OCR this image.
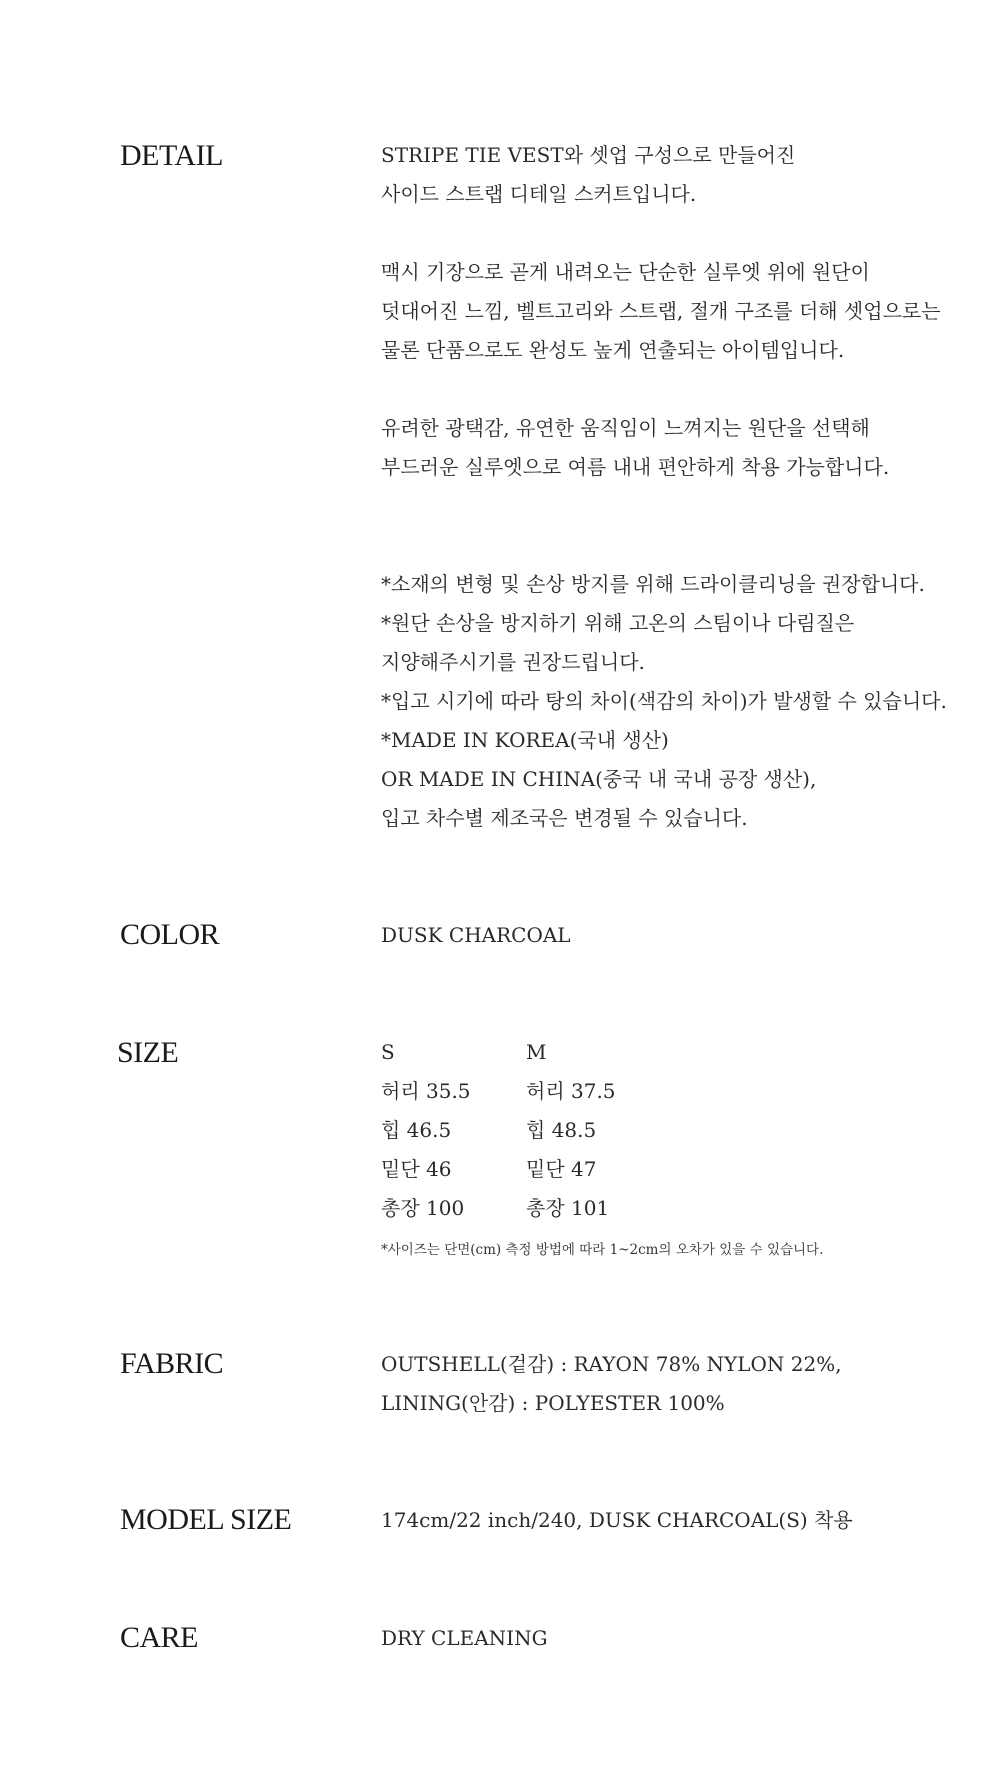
DETAIL	STRIPE TIE VEST와 셋업 구성으로 만들어진
사이드 스트랩 디테일 스커트입니다.
맥시 기장으로 곧게 내려오는 단순한 실루엣 위에 원단이
덧대어진 느낌, 벨트고리와 스트랩, 절개 구조를 더해 셋업으로는
물론 단품으로도 완성도 높게 연출되는 아이템입니다.
유려한 광택감, 유연한 움직임이 느껴지는 원단을 선택해
부드러운 실루엣으로 여름 내내 편안하게 착용 가능합니다.
*소재의 변형 및 손상 방지를 위해 드라이클리닝을 권장합니다.
*원단 손상을 방지하기 위해 고온의 스팀이나 다림질은
지양해주시기를 권장드립니다.
*입고 시기에 따라 탕의 차이(색감의 차이)가 발생할 수 있습니다.
*MADE IN KOREA(국내 생산)
OR MADE IN CHINA(중국 내 국내 공장 생산),
입고 차수별 제조국은 변경될 수 있습니다.
COLOR	DUSK CHARCOAL
SIZE	S	M
허리 35.5	허리 37.5
힙 46.5	힙 48.5
밑단 46	밑단 47
총장 100	총장 101
*사이즈는 단면(cm) 측정 방법에 따라 1~2cm의 오차가 있을 수 있습니다.
FABRIC	OUTSHELL(겉감) : RAYON 78% NYLON 22%,
LINING(안감) : POLYESTER 100%
MODEL SIZE	174cm/22 inch/240, DUSK CHARCOAL(S) 착용
CARE	DRY CLEANING
